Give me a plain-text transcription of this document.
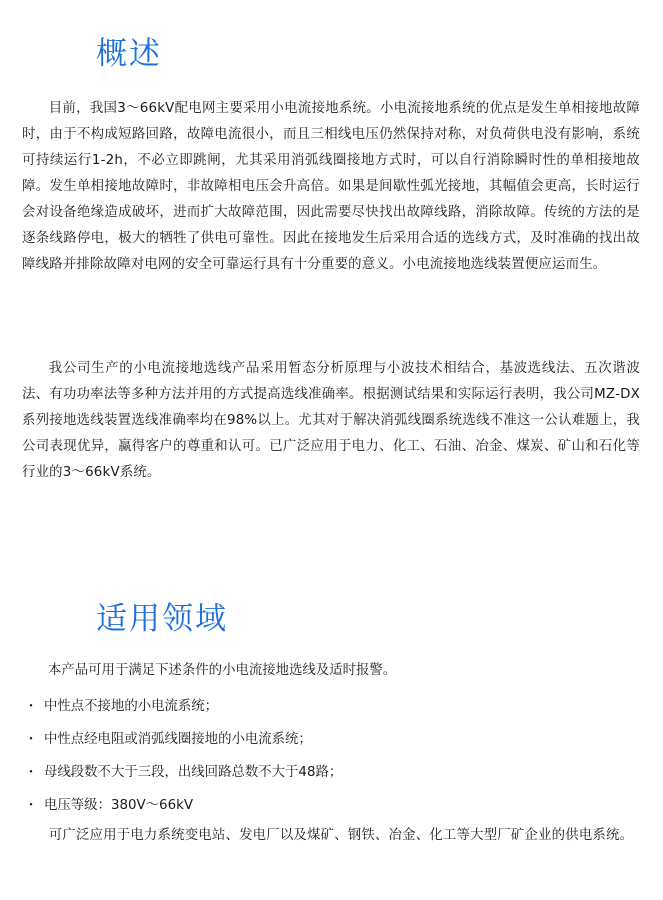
概述

目前，我国3～66kV配电网主要采用小电流接地系统。小电流接地系统的优点是发生单相接地故障时，由于不构成短路回路，故障电流很小，而且三相线电压仍然保持对称，对负荷供电没有影响，系统可持续运行1-2h，不必立即跳闸，尤其采用消弧线圈接地方式时，可以自行消除瞬时性的单相接地故障。发生单相接地故障时，非故障相电压会升高倍。如果是间歇性弧光接地，其幅值会更高，长时运行会对设备绝缘造成破坏，进而扩大故障范围，因此需要尽快找出故障线路，消除故障。传统的方法的是逐条线路停电，极大的牺牲了供电可靠性。因此在接地发生后采用合适的选线方式，及时准确的找出故障线路并排除故障对电网的安全可靠运行具有十分重要的意义。小电流接地选线装置便应运而生。

我公司生产的小电流接地选线产品采用暂态分析原理与小波技术相结合，基波选线法、五次谐波法、有功功率法等多种方法并用的方式提高选线准确率。根据测试结果和实际运行表明，我公司MZ-DX系列接地选线装置选线准确率均在98%以上。尤其对于解决消弧线圈系统选线不准这一公认难题上，我公司表现优异，赢得客户的尊重和认可。已广泛应用于电力、化工、石油、冶金、煤炭、矿山和石化等行业的3～66kV系统。

适用领域

本产品可用于满足下述条件的小电流接地选线及适时报警。

・ 中性点不接地的小电流系统；
・ 中性点经电阻或消弧线圈接地的小电流系统；
・ 母线段数不大于三段，出线回路总数不大于48路；
・ 电压等级：380V～66kV

可广泛应用于电力系统变电站、发电厂以及煤矿、钢铁、冶金、化工等大型厂矿企业的供电系统。
